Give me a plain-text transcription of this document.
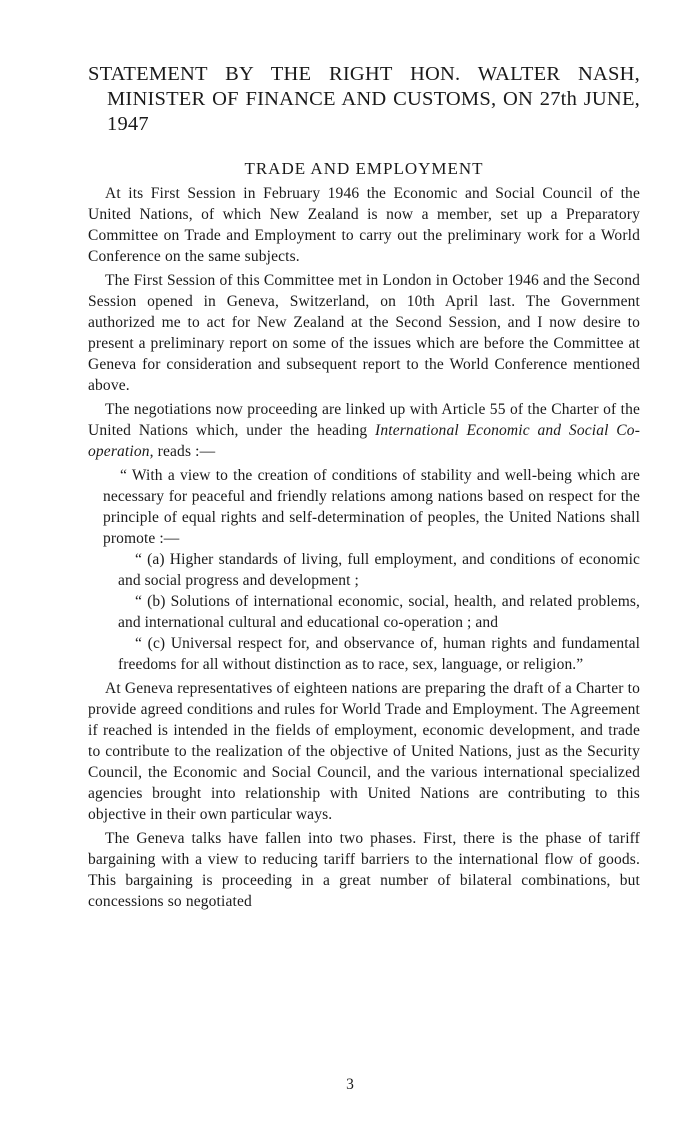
STATEMENT BY THE RIGHT HON. WALTER NASH, MINISTER OF FINANCE AND CUSTOMS, ON 27th JUNE, 1947
TRADE AND EMPLOYMENT

At its First Session in February 1946 the Economic and Social Council of the United Nations, of which New Zealand is now a member, set up a Preparatory Committee on Trade and Employment to carry out the preliminary work for a World Conference on the same subjects.

The First Session of this Committee met in London in October 1946 and the Second Session opened in Geneva, Switzerland, on 10th April last. The Government authorized me to act for New Zealand at the Second Session, and I now desire to present a preliminary report on some of the issues which are before the Committee at Geneva for consideration and subsequent report to the World Conference mentioned above.

The negotiations now proceeding are linked up with Article 55 of the Charter of the United Nations which, under the heading International Economic and Social Co-operation, reads :—

“ With a view to the creation of conditions of stability and well-being which are necessary for peaceful and friendly relations among nations based on respect for the principle of equal rights and self-determination of peoples, the United Nations shall promote :—

“ (a) Higher standards of living, full employment, and conditions of economic and social progress and development ;

“ (b) Solutions of international economic, social, health, and related problems, and international cultural and educational co-operation ; and

“ (c) Universal respect for, and observance of, human rights and fundamental freedoms for all without distinction as to race, sex, language, or religion.”

At Geneva representatives of eighteen nations are preparing the draft of a Charter to provide agreed conditions and rules for World Trade and Employment. The Agreement if reached is intended in the fields of employment, economic development, and trade to contribute to the realization of the objective of United Nations, just as the Security Council, the Economic and Social Council, and the various international specialized agencies brought into relationship with United Nations are contributing to this objective in their own particular ways.

The Geneva talks have fallen into two phases. First, there is the phase of tariff bargaining with a view to reducing tariff barriers to the international flow of goods. This bargaining is proceeding in a great number of bilateral combinations, but concessions so negotiated

3
